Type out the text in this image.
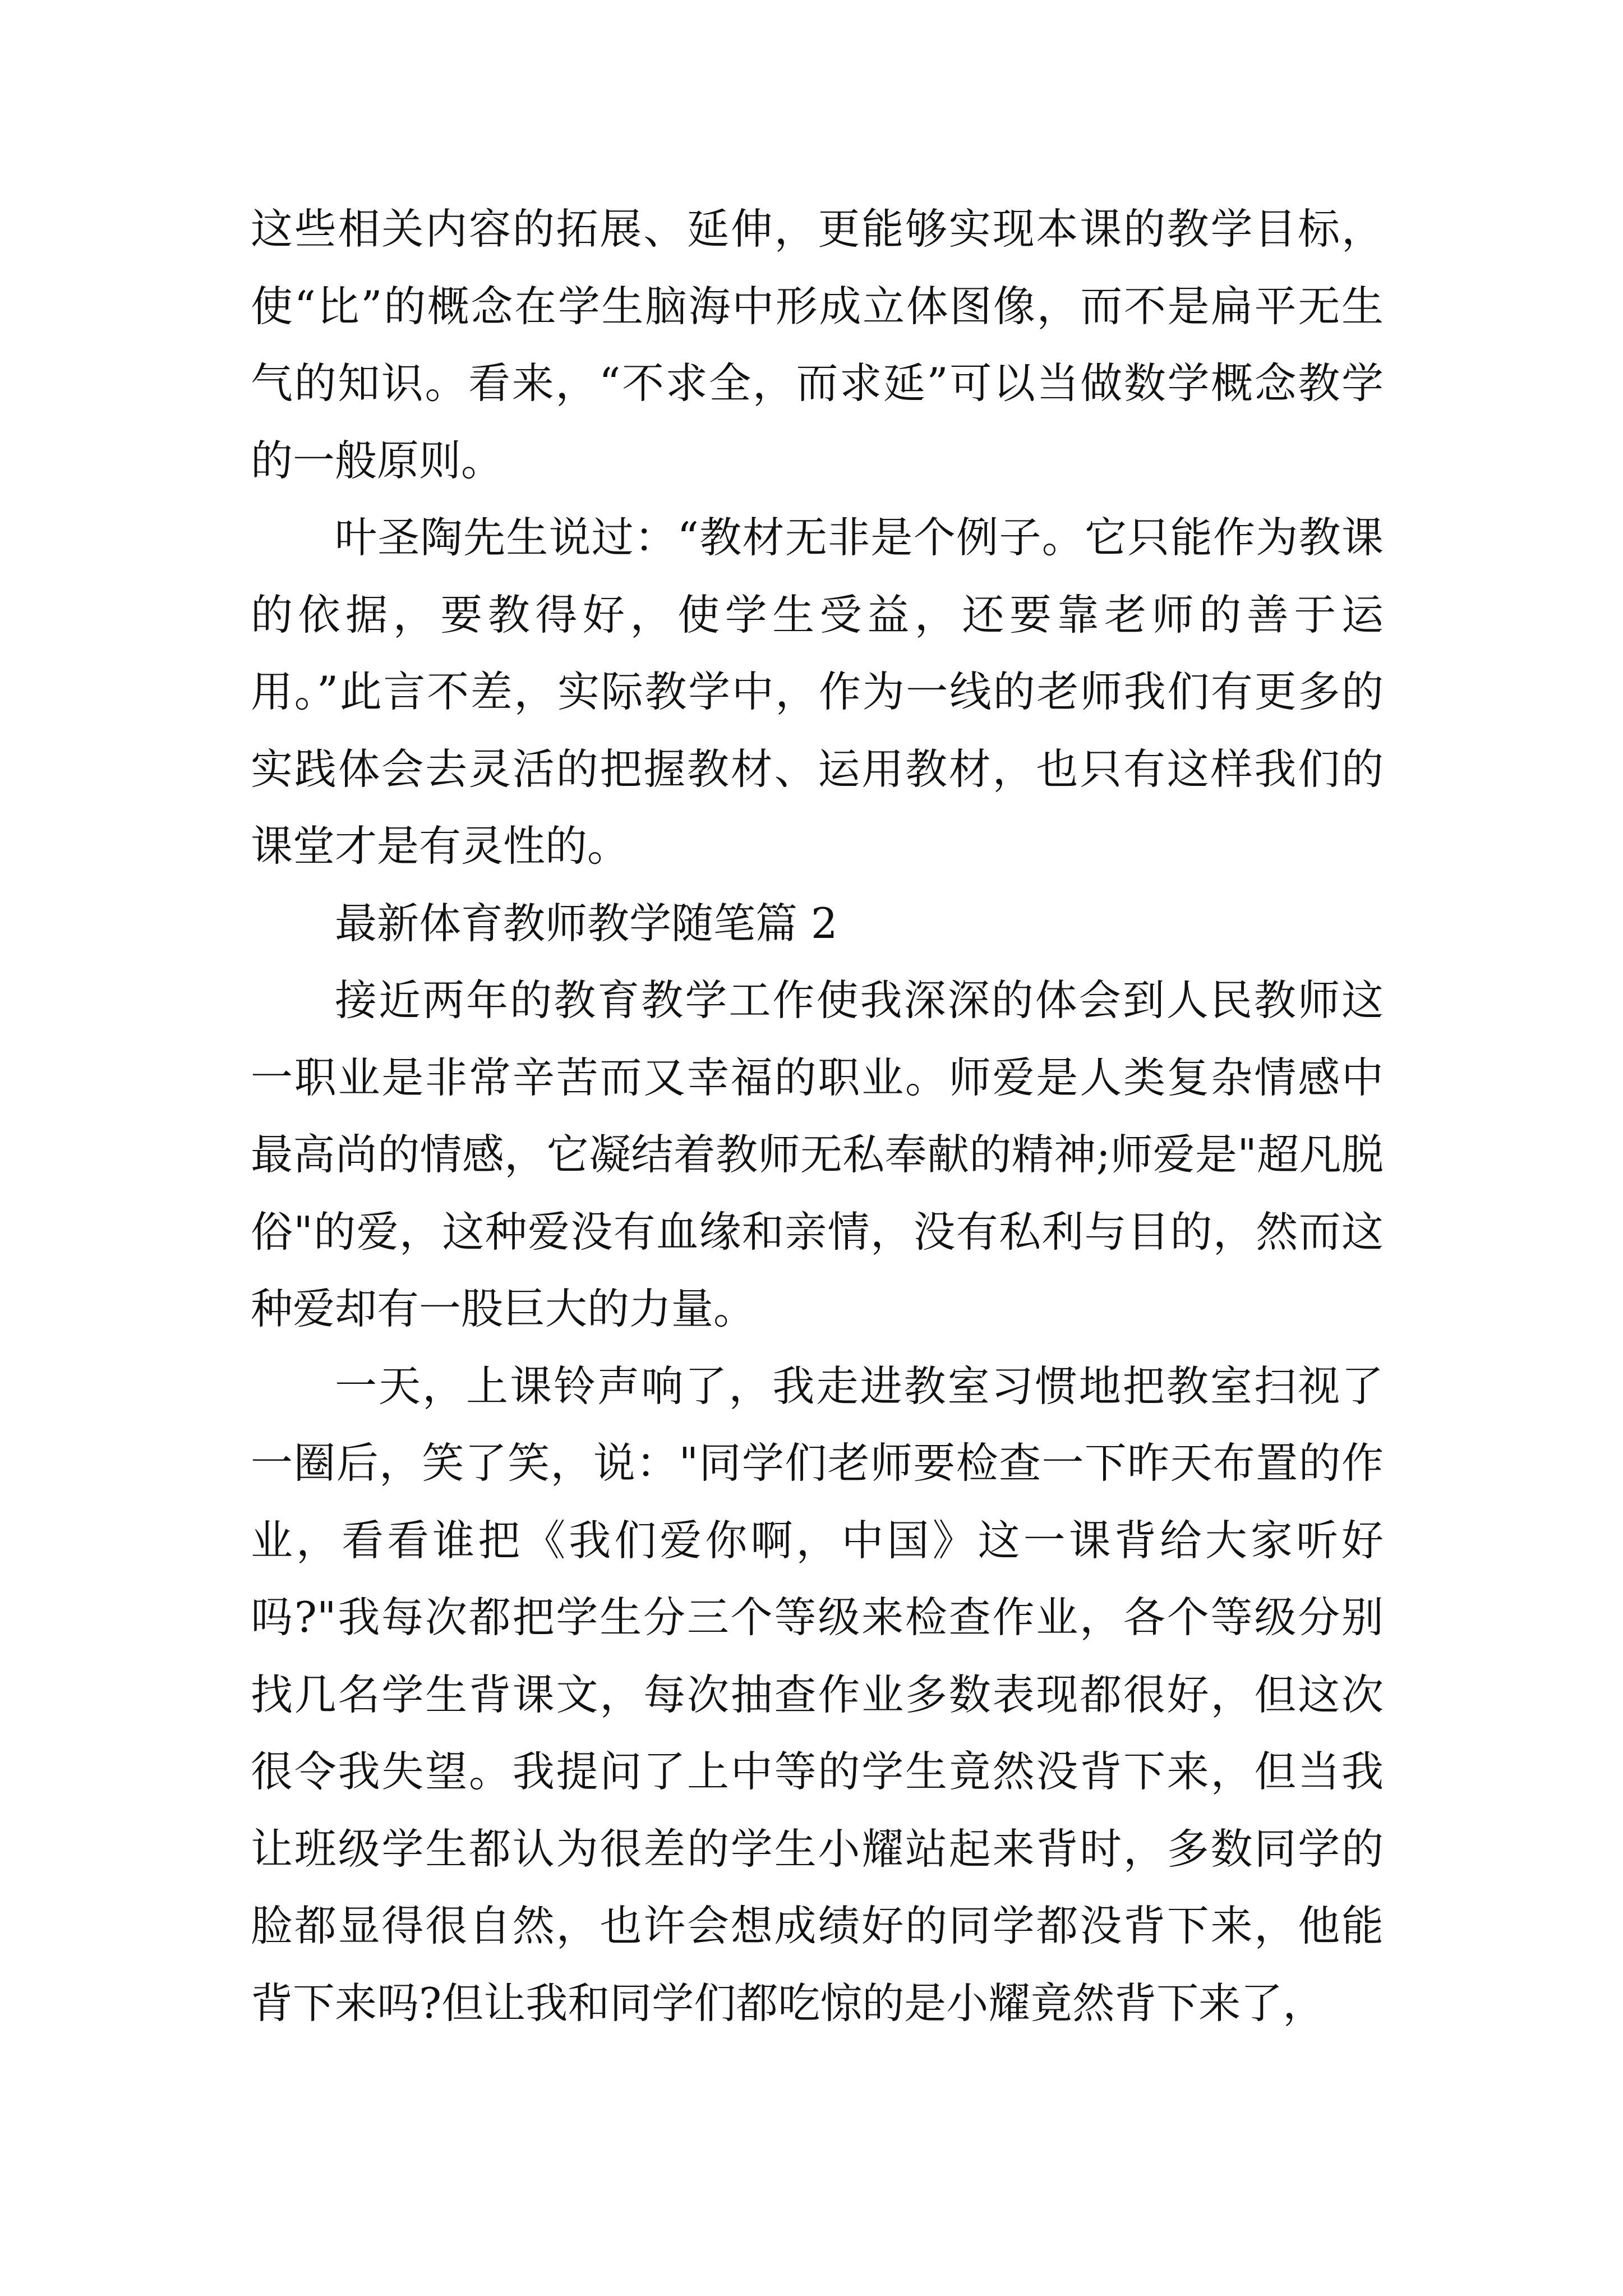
这些相关内容的拓展、延伸，更能够实现本课的教学目标，使“比”的概念在学生脑海中形成立体图像，而不是扁平无生气的知识。看来，“不求全，而求延”可以当做数学概念教学的一般原则。

叶圣陶先生说过：“教材无非是个例子。它只能作为教课的依据，要教得好，使学生受益，还要靠老师的善于运用。”此言不差，实际教学中，作为一线的老师我们有更多的实践体会去灵活的把握教材、运用教材，也只有这样我们的课堂才是有灵性的。

最新体育教师教学随笔篇 2

接近两年的教育教学工作使我深深的体会到人民教师这一职业是非常辛苦而又幸福的职业。师爱是人类复杂情感中最高尚的情感，它凝结着教师无私奉献的精神;师爱是"超凡脱俗"的爱，这种爱没有血缘和亲情，没有私利与目的，然而这种爱却有一股巨大的力量。

一天，上课铃声响了，我走进教室习惯地把教室扫视了一圈后，笑了笑，说："同学们老师要检查一下昨天布置的作业，看看谁把《我们爱你啊，中国》这一课背给大家听好吗?"我每次都把学生分三个等级来检查作业，各个等级分别找几名学生背课文，每次抽查作业多数表现都很好，但这次很令我失望。我提问了上中等的学生竟然没背下来，但当我让班级学生都认为很差的学生小耀站起来背时，多数同学的脸都显得很自然，也许会想成绩好的同学都没背下来，他能背下来吗?但让我和同学们都吃惊的是小耀竟然背下来了，
